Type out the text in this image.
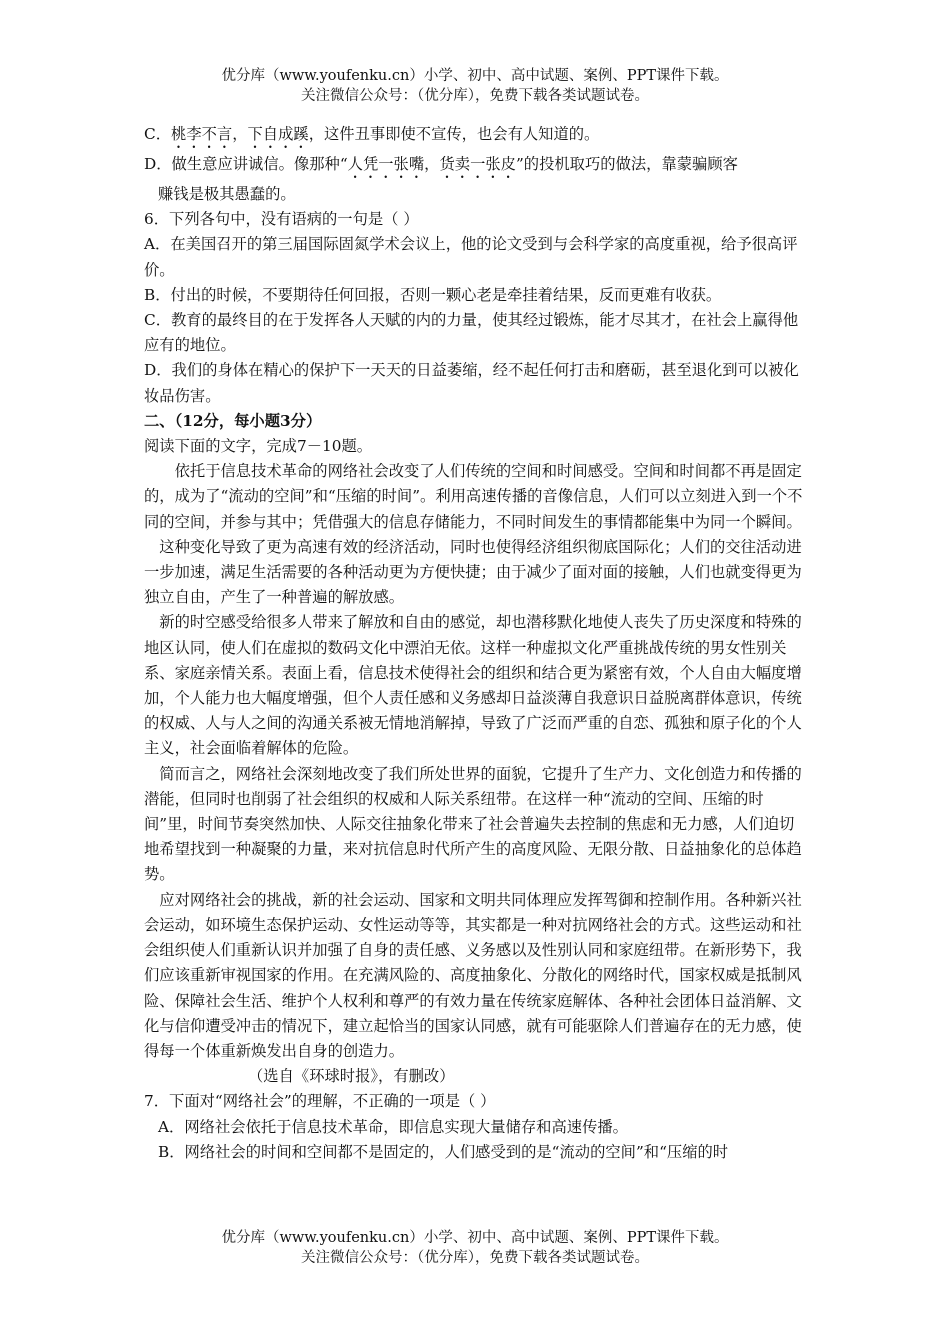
优分库（www.youfenku.cn）小学、初中、高中试题、案例、PPT课件下载。
关注微信公众号：（优分库），免费下载各类试题试卷。

C．桃李不言，下自成蹊，这件丑事即使不宣传，也会有人知道的。

D．做生意应讲诚信。像那种“人凭一张嘴，货卖一张皮”的投机取巧的做法，靠蒙骗顾客

赚钱是极其愚蠢的。

6．下列各句中，没有语病的一句是（ ）

A．在美国召开的第三届国际固氮学术会议上，他的论文受到与会科学家的高度重视，给予很高评价。

B．付出的时候，不要期待任何回报，否则一颗心老是牵挂着结果，反而更难有收获。

C．教育的最终目的在于发挥各人天赋的内的力量，使其经过锻炼，能才尽其才，在社会上赢得他应有的地位。

D．我们的身体在精心的保护下一天天的日益萎缩，经不起任何打击和磨砺，甚至退化到可以被化妆品伤害。

二、（12分，每小题3分）

阅读下面的文字，完成7－10题。

依托于信息技术革命的网络社会改变了人们传统的空间和时间感受。空间和时间都不再是固定的，成为了“流动的空间”和“压缩的时间”。利用高速传播的音像信息，人们可以立刻进入到一个不同的空间，并参与其中；凭借强大的信息存储能力，不同时间发生的事情都能集中为同一个瞬间。

这种变化导致了更为高速有效的经济活动，同时也使得经济组织彻底国际化；人们的交往活动进一步加速，满足生活需要的各种活动更为方便快捷；由于减少了面对面的接触，人们也就变得更为独立自由，产生了一种普遍的解放感。

新的时空感受给很多人带来了解放和自由的感觉，却也潜移默化地使人丧失了历史深度和特殊的地区认同，使人们在虚拟的数码文化中漂泊无依。这样一种虚拟文化严重挑战传统的男女性别关系、家庭亲情关系。表面上看，信息技术使得社会的组织和结合更为紧密有效，个人自由大幅度增加，个人能力也大幅度增强，但个人责任感和义务感却日益淡薄自我意识日益脱离群体意识，传统的权威、人与人之间的沟通关系被无情地消解掉，导致了广泛而严重的自恋、孤独和原子化的个人主义，社会面临着解体的危险。

简而言之，网络社会深刻地改变了我们所处世界的面貌，它提升了生产力、文化创造力和传播的潜能，但同时也削弱了社会组织的权威和人际关系纽带。在这样一种“流动的空间、压缩的时间”里，时间节奏突然加快、人际交往抽象化带来了社会普遍失去控制的焦虑和无力感，人们迫切地希望找到一种凝聚的力量，来对抗信息时代所产生的高度风险、无限分散、日益抽象化的总体趋势。

应对网络社会的挑战，新的社会运动、国家和文明共同体理应发挥驾御和控制作用。各种新兴社会运动，如环境生态保护运动、女性运动等等，其实都是一种对抗网络社会的方式。这些运动和社会组织使人们重新认识并加强了自身的责任感、义务感以及性别认同和家庭纽带。在新形势下，我们应该重新审视国家的作用。在充满风险的、高度抽象化、分散化的网络时代，国家权威是抵制风险、保障社会生活、维护个人权利和尊严的有效力量在传统家庭解体、各种社会团体日益消解、文化与信仰遭受冲击的情况下，建立起恰当的国家认同感，就有可能驱除人们普遍存在的无力感，使得每一个体重新焕发出自身的创造力。

（选自《环球时报》，有删改）

7．下面对“网络社会”的理解，不正确的一项是（ ）

A．网络社会依托于信息技术革命，即信息实现大量储存和高速传播。

B．网络社会的时间和空间都不是固定的，人们感受到的是“流动的空间”和“压缩的时

优分库（www.youfenku.cn）小学、初中、高中试题、案例、PPT课件下载。
关注微信公众号：（优分库），免费下载各类试题试卷。
